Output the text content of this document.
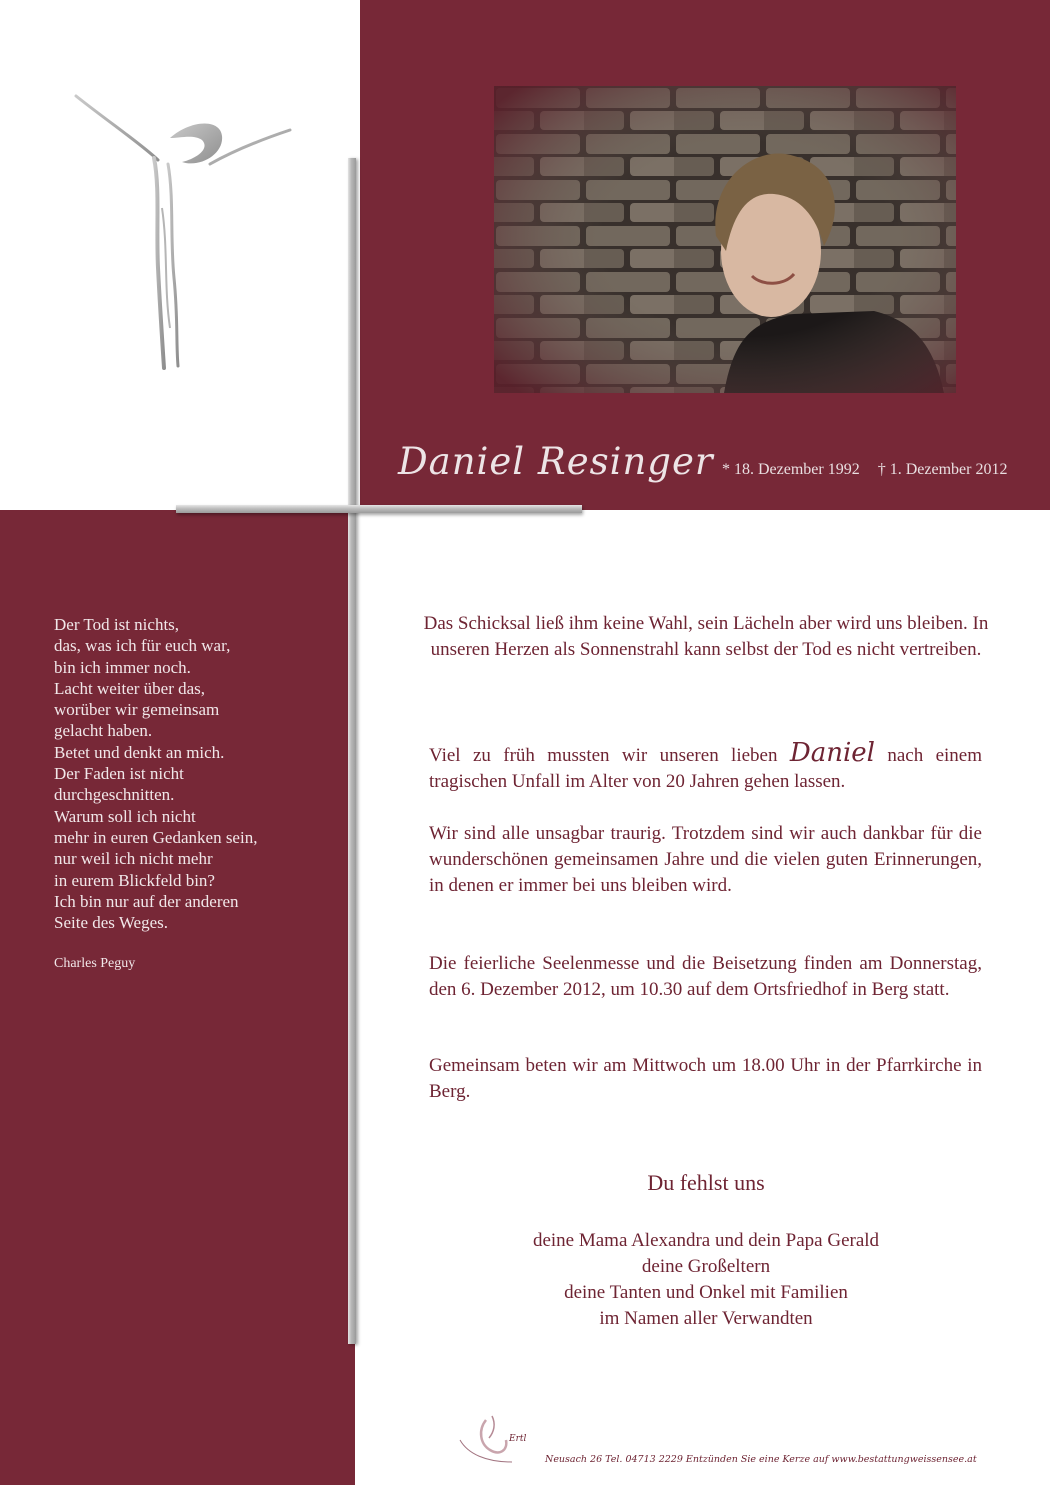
Daniel Resinger * 18. Dezember 1992 † 1. Dezember 2012
Der Tod ist nichts,
das, was ich für euch war,
bin ich immer noch.
Lacht weiter über das,
worüber wir gemeinsam
gelacht haben.
Betet und denkt an mich.
Der Faden ist nicht
durchgeschnitten.
Warum soll ich nicht
mehr in euren Gedanken sein,
nur weil ich nicht mehr
in eurem Blickfeld bin?
Ich bin nur auf der anderen
Seite des Weges.
Charles Peguy
Das Schicksal ließ ihm keine Wahl, sein Lächeln aber wird uns bleiben. In unseren Herzen als Sonnenstrahl kann selbst der Tod es nicht vertreiben.
Viel zu früh mussten wir unseren lieben Daniel nach einem tragischen Unfall im Alter von 20 Jahren gehen lassen.
Wir sind alle unsagbar traurig. Trotzdem sind wir auch dankbar für die wunderschönen gemeinsamen Jahre und die vielen guten Erinnerungen, in denen er immer bei uns bleiben wird.
Die feierliche Seelenmesse und die Beisetzung finden am Donnerstag, den 6. Dezember 2012, um 10.30 auf dem Ortsfriedhof in Berg statt.
Gemeinsam beten wir am Mittwoch um 18.00 Uhr in der Pfarrkirche in Berg.
Du fehlst uns
deine Mama Alexandra und dein Papa Gerald
deine Großeltern
deine Tanten und Onkel mit Familien
im Namen aller Verwandten
Ertl
Neusach 26 Tel. 04713 2229 Entzünden Sie eine Kerze auf www.bestattungweissensee.at
